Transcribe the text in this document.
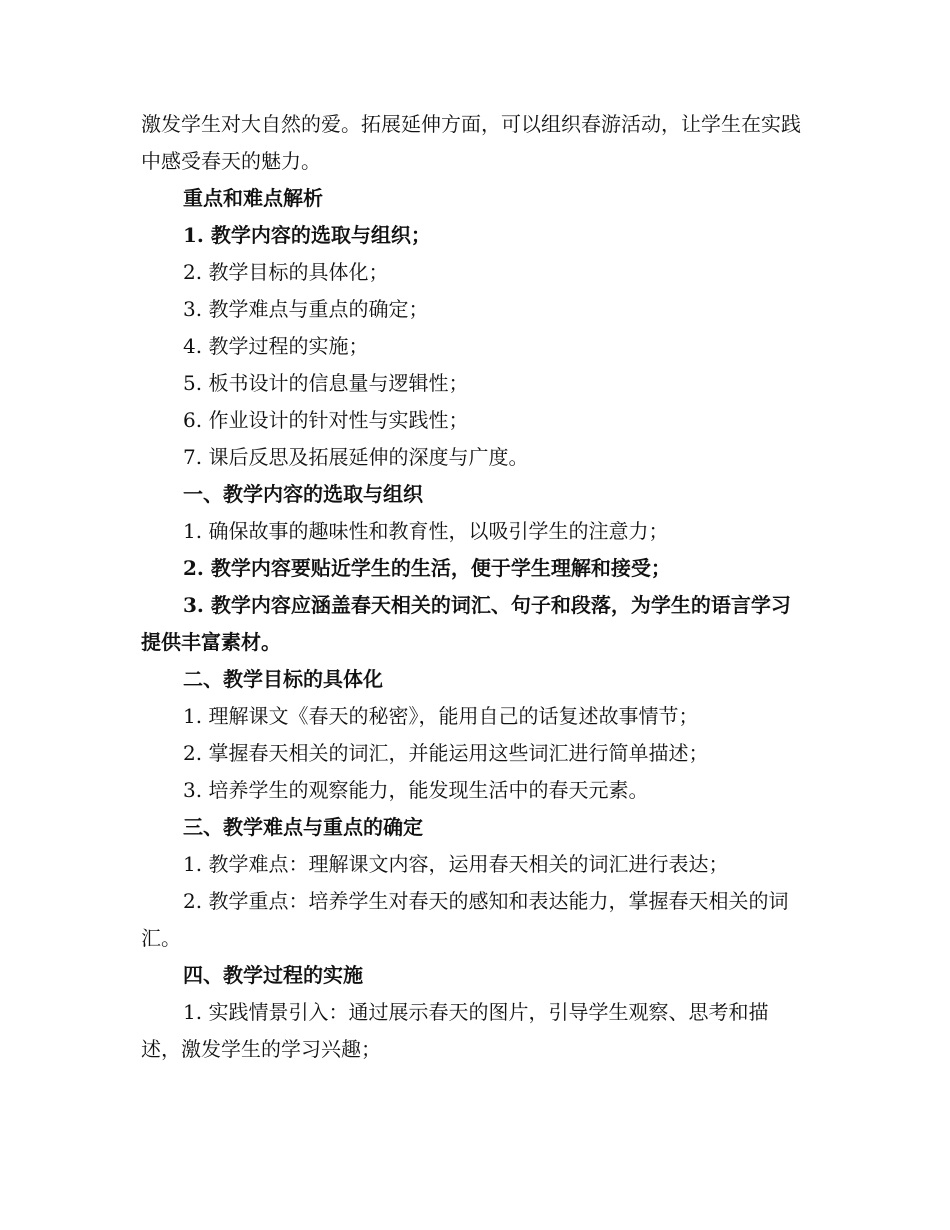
激发学生对大自然的爱。拓展延伸方面，可以组织春游活动，让学生在实践中感受春天的魅力。

重点和难点解析

1. 教学内容的选取与组织；

2. 教学目标的具体化；

3. 教学难点与重点的确定；

4. 教学过程的实施；

5. 板书设计的信息量与逻辑性；

6. 作业设计的针对性与实践性；

7. 课后反思及拓展延伸的深度与广度。

一、教学内容的选取与组织

1. 确保故事的趣味性和教育性，以吸引学生的注意力；

2. 教学内容要贴近学生的生活，便于学生理解和接受；

3. 教学内容应涵盖春天相关的词汇、句子和段落，为学生的语言学习提供丰富素材。

二、教学目标的具体化

1. 理解课文《春天的秘密》，能用自己的话复述故事情节；

2. 掌握春天相关的词汇，并能运用这些词汇进行简单描述；

3. 培养学生的观察能力，能发现生活中的春天元素。

三、教学难点与重点的确定

1. 教学难点：理解课文内容，运用春天相关的词汇进行表达；

2. 教学重点：培养学生对春天的感知和表达能力，掌握春天相关的词汇。

四、教学过程的实施

1. 实践情景引入：通过展示春天的图片，引导学生观察、思考和描述，激发学生的学习兴趣；
